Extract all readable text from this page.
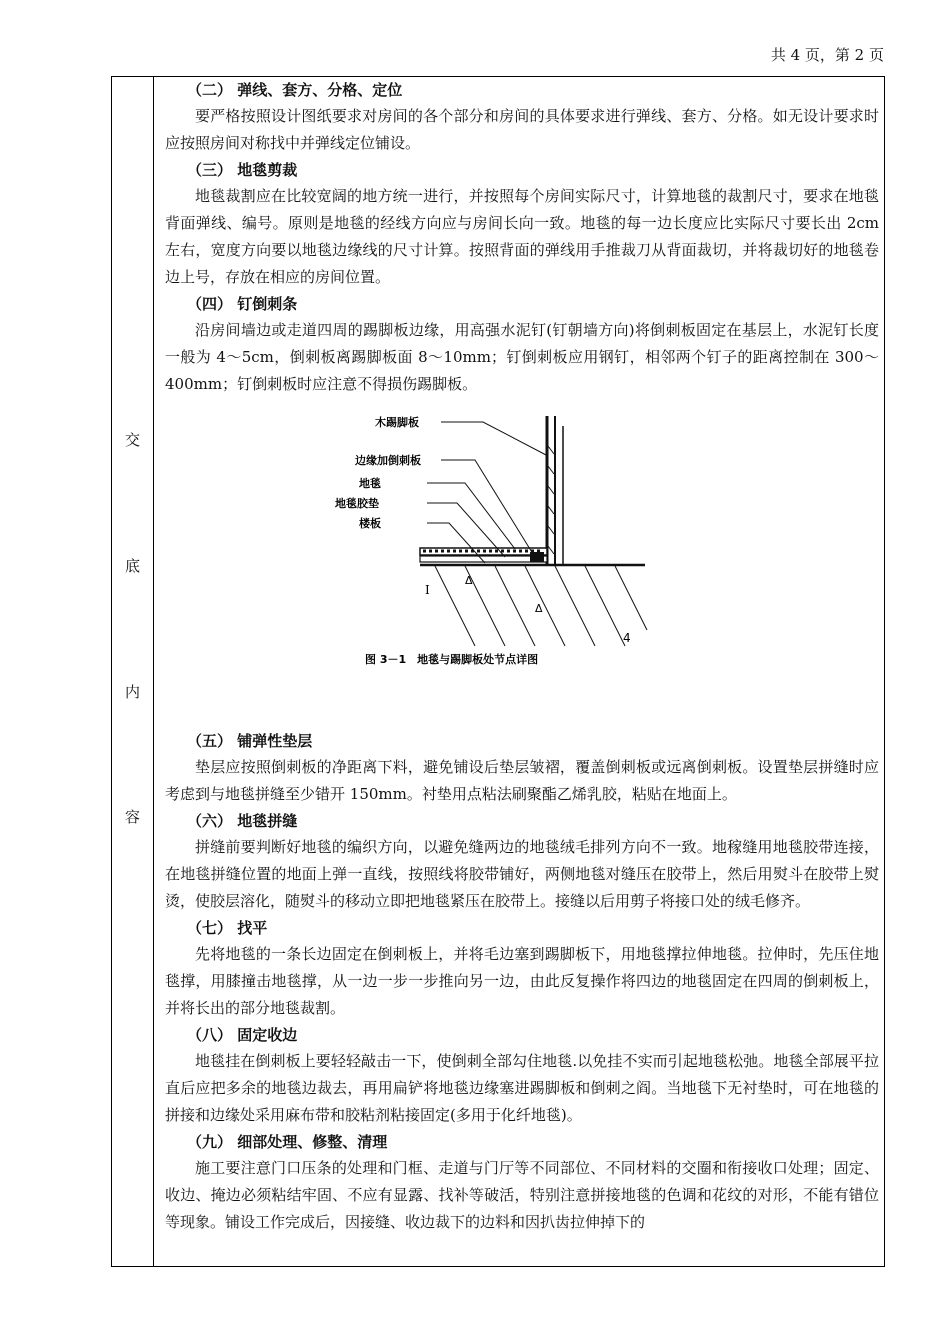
共 4 页，第 2 页
交
底
内
容
（二） 弹线、套方、分格、定位

要严格按照设计图纸要求对房间的各个部分和房间的具体要求进行弹线、套方、分格。如无设计要求时应按照房间对称找中并弹线定位铺设。

（三） 地毯剪裁

地毯裁割应在比较宽阔的地方统一进行，并按照每个房间实际尺寸，计算地毯的裁割尺寸，要求在地毯背面弹线、编号。原则是地毯的经线方向应与房间长向一致。地毯的每一边长度应比实际尺寸要长出 2cm 左右，宽度方向要以地毯边缘线的尺寸计算。按照背面的弹线用手推裁刀从背面裁切，并将裁切好的地毯卷边上号，存放在相应的房间位置。

（四） 钉倒刺条

沿房间墙边或走道四周的踢脚板边缘，用高强水泥钉(钉朝墙方向)将倒刺板固定在基层上，水泥钉长度一般为 4～5cm，倒刺板离踢脚板面 8～10mm；钉倒刺板应用钢钉，相邻两个钉子的距离控制在 300～400mm；钉倒刺板时应注意不得损伤踢脚板。

木踢脚板
边缘加倒刺板
地毯
地毯胶垫
楼板
Ⅰ
Δ
Δ
4
图 3－1　地毯与踢脚板处节点详图
（五） 铺弹性垫层

垫层应按照倒刺板的净距离下料，避免铺设后垫层皱褶，覆盖倒刺板或远离倒刺板。设置垫层拼缝时应考虑到与地毯拼缝至少错开 150mm。衬垫用点粘法刷聚酯乙烯乳胶，粘贴在地面上。

（六） 地毯拼缝

拼缝前要判断好地毯的编织方向，以避免缝两边的地毯绒毛排列方向不一致。地稼缝用地毯胶带连接，在地毯拼缝位置的地面上弹一直线，按照线将胶带铺好，两侧地毯对缝压在胶带上，然后用熨斗在胶带上熨烫，使胶层溶化，随熨斗的移动立即把地毯紧压在胶带上。接缝以后用剪子将接口处的绒毛修齐。

（七） 找平

先将地毯的一条长边固定在倒刺板上，并将毛边塞到踢脚板下，用地毯撑拉伸地毯。拉伸时，先压住地毯撑，用膝撞击地毯撑，从一边一步一步推向另一边，由此反复操作将四边的地毯固定在四周的倒刺板上，并将长出的部分地毯裁割。

（八） 固定收边

地毯挂在倒刺板上要轻轻敲击一下，使倒刺全部勾住地毯.以免挂不实而引起地毯松弛。地毯全部展平拉直后应把多余的地毯边裁去，再用扁铲将地毯边缘塞进踢脚板和倒刺之阎。当地毯下无衬垫时，可在地毯的拼接和边缘处采用麻布带和胶粘剂粘接固定(多用于化纤地毯)。

（九） 细部处理、修整、清理

施工要注意门口压条的处理和门框、走道与门厅等不同部位、不同材料的交圈和衔接收口处理；固定、收边、掩边必须粘结牢固、不应有显露、找补等破活，特别注意拼接地毯的色调和花纹的对形，不能有错位等现象。铺设工作完成后，因接缝、收边裁下的边料和因扒齿拉伸掉下的
